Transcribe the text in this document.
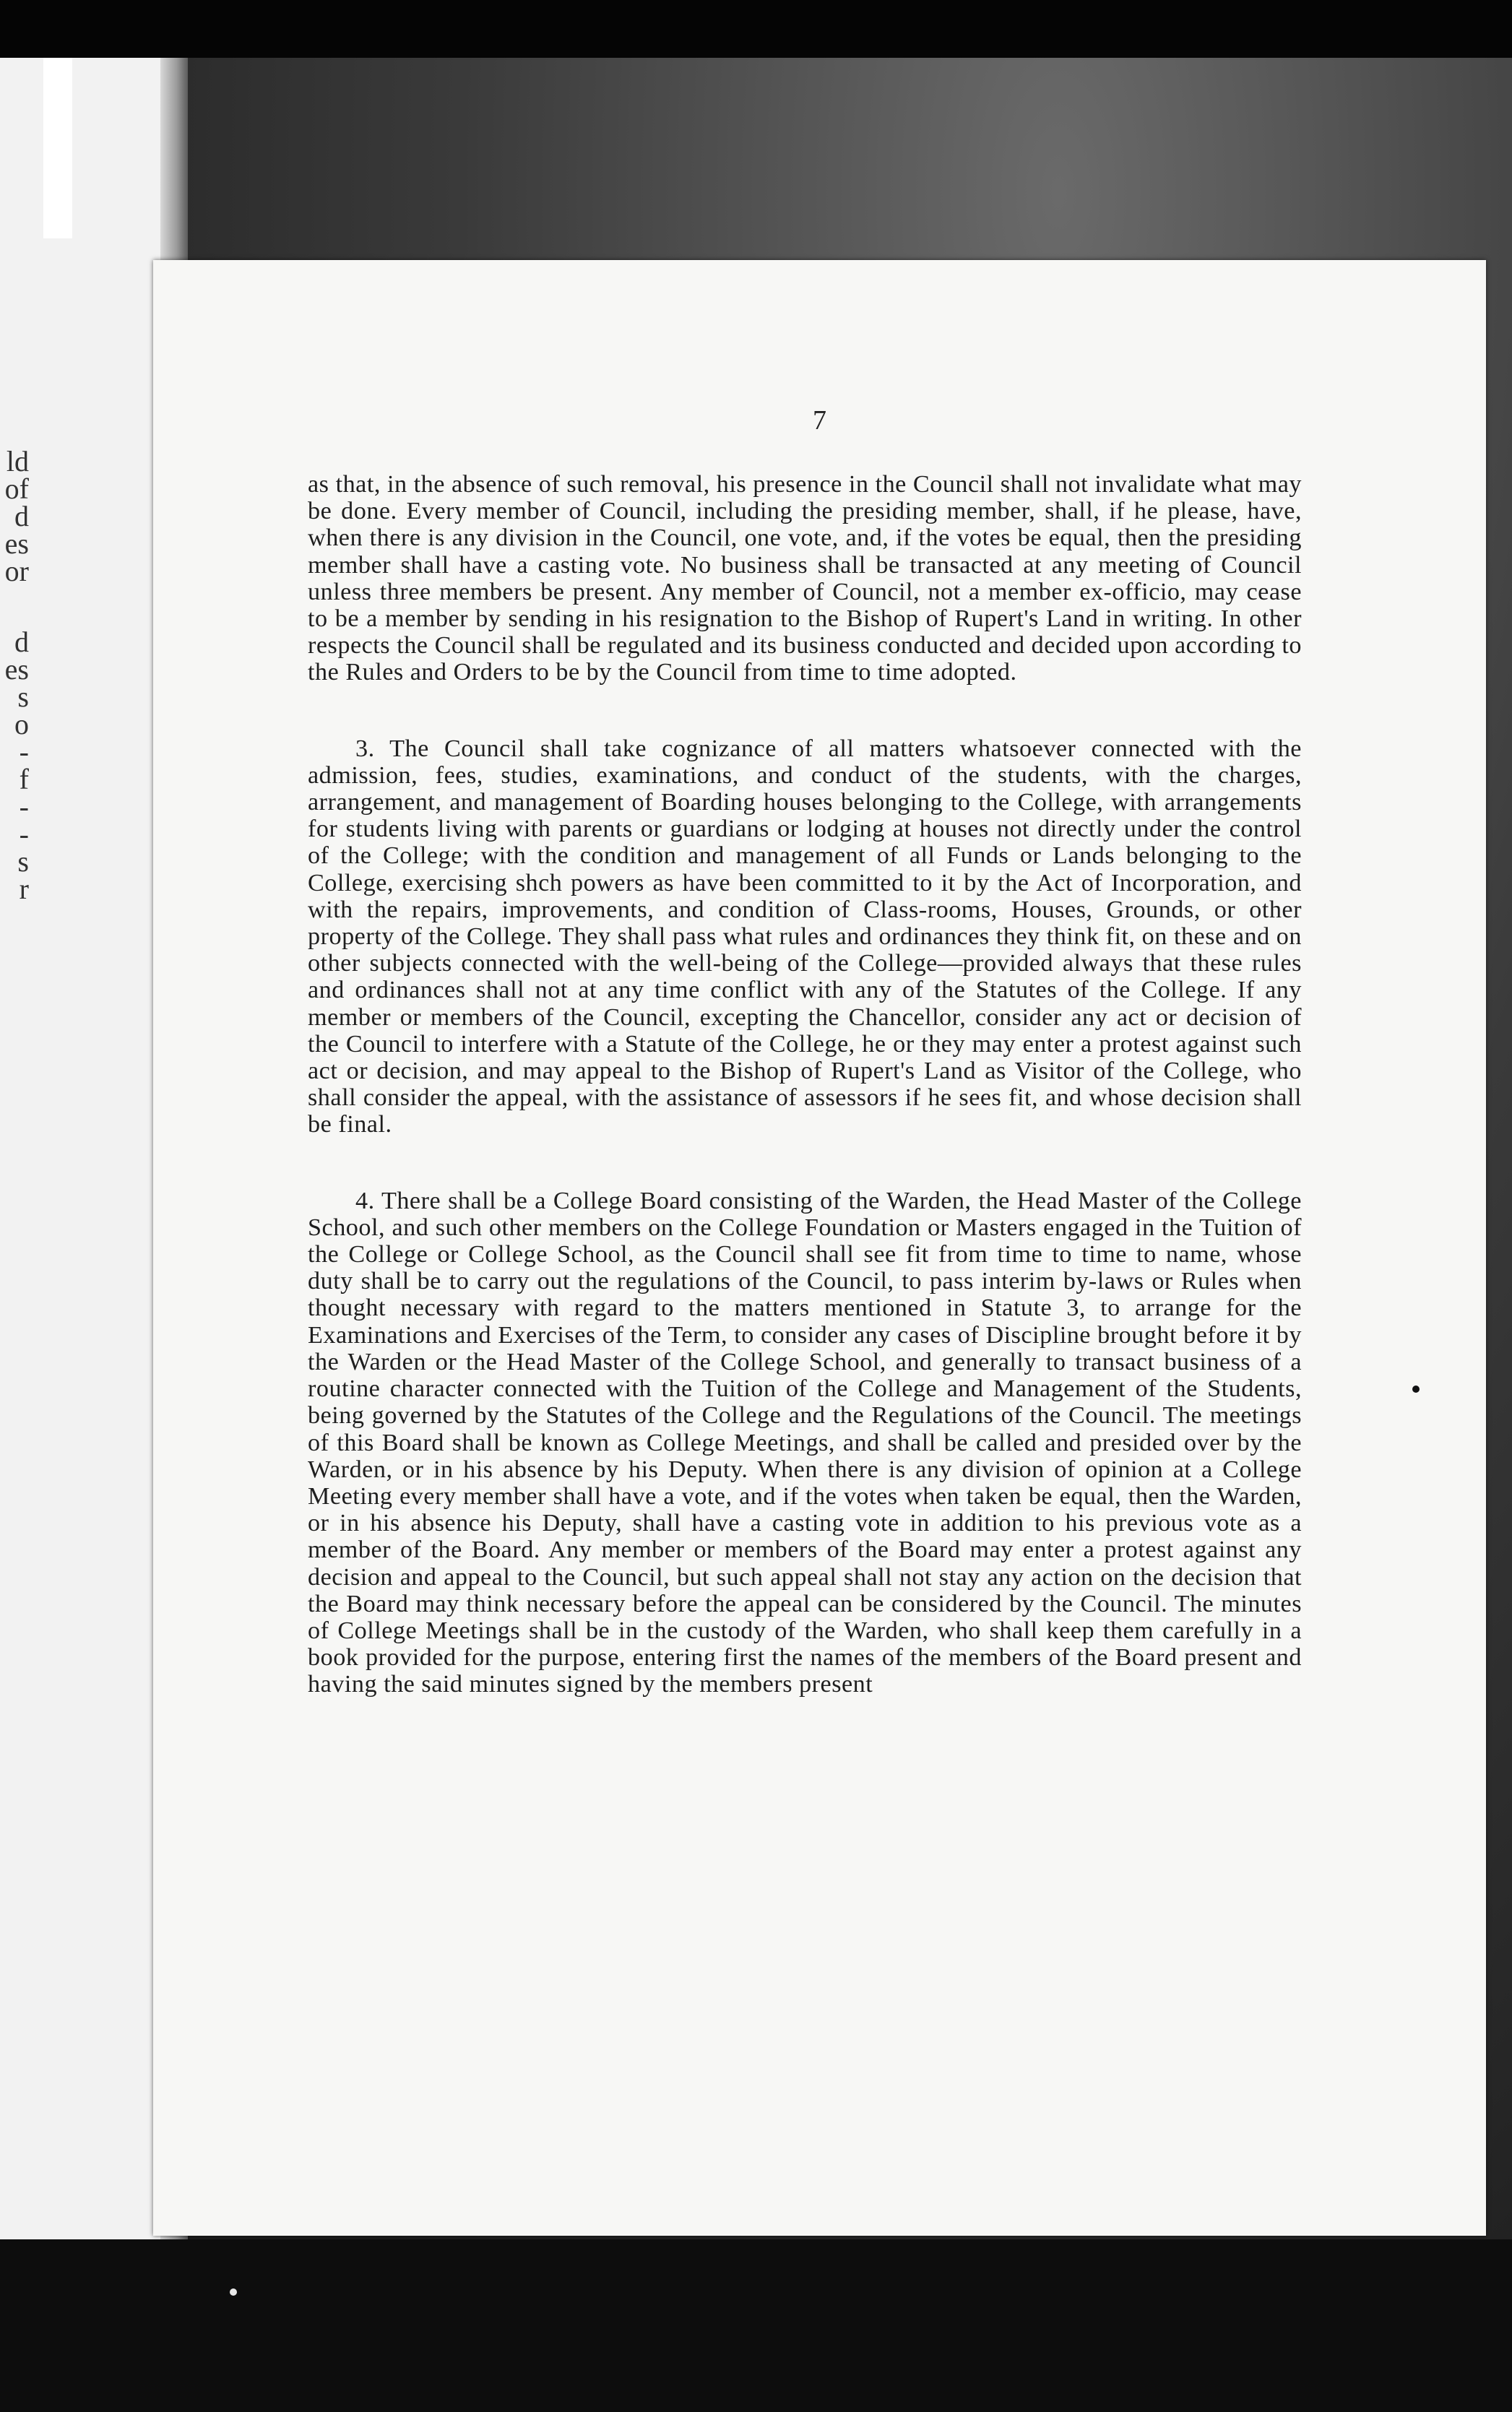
ld
of
d
es
or
d
es
s
o
-
f
-
-
s
r
7

as that, in the absence of such removal, his presence in the Council shall not invalidate what may be done. Every member of Council, including the presiding member, shall, if he please, have, when there is any division in the Council, one vote, and, if the votes be equal, then the presiding member shall have a casting vote. No business shall be transacted at any meeting of Council unless three members be present. Any member of Council, not a member ex-officio, may cease to be a member by sending in his resignation to the Bishop of Rupert's Land in writing. In other respects the Council shall be regulated and its business conducted and decided upon according to the Rules and Orders to be by the Council from time to time adopted.

3. The Council shall take cognizance of all matters whatsoever connected with the admission, fees, studies, examinations, and conduct of the students, with the charges, arrangement, and management of Boarding houses belonging to the College, with arrangements for students living with parents or guardians or lodging at houses not directly under the control of the College; with the condition and management of all Funds or Lands belonging to the College, exercising shch powers as have been committed to it by the Act of Incorporation, and with the repairs, improvements, and condition of Class-rooms, Houses, Grounds, or other property of the College. They shall pass what rules and ordinances they think fit, on these and on other subjects connected with the well-being of the College—provided always that these rules and ordinances shall not at any time conflict with any of the Statutes of the College. If any member or members of the Council, excepting the Chancellor, consider any act or decision of the Council to interfere with a Statute of the College, he or they may enter a protest against such act or decision, and may appeal to the Bishop of Rupert's Land as Visitor of the College, who shall consider the appeal, with the assistance of assessors if he sees fit, and whose decision shall be final.

4. There shall be a College Board consisting of the Warden, the Head Master of the College School, and such other members on the College Foundation or Masters engaged in the Tuition of the College or College School, as the Council shall see fit from time to time to name, whose duty shall be to carry out the regulations of the Council, to pass interim by-laws or Rules when thought necessary with regard to the matters mentioned in Statute 3, to arrange for the Examinations and Exercises of the Term, to consider any cases of Discipline brought before it by the Warden or the Head Master of the College School, and generally to transact business of a routine character connected with the Tuition of the College and Management of the Students, being governed by the Statutes of the College and the Regulations of the Council. The meetings of this Board shall be known as College Meetings, and shall be called and presided over by the Warden, or in his absence by his Deputy. When there is any division of opinion at a College Meeting every member shall have a vote, and if the votes when taken be equal, then the Warden, or in his absence his Deputy, shall have a casting vote in addition to his previous vote as a member of the Board. Any member or members of the Board may enter a protest against any decision and appeal to the Council, but such appeal shall not stay any action on the decision that the Board may think necessary before the appeal can be considered by the Council. The minutes of College Meetings shall be in the custody of the Warden, who shall keep them carefully in a book provided for the purpose, entering first the names of the members of the Board present and having the said minutes signed by the members present
